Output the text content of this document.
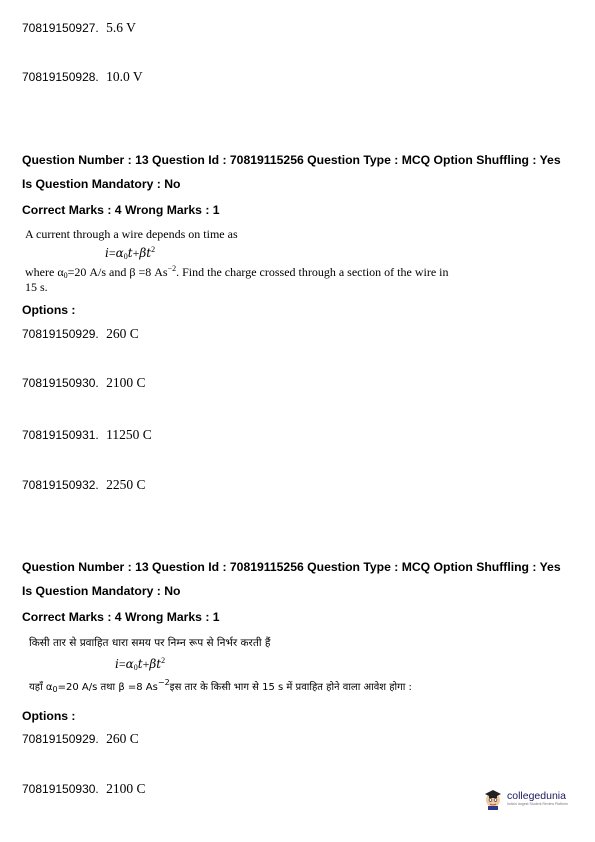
70819150927. 5.6 V
70819150928. 10.0 V
Question Number : 13 Question Id : 70819115256 Question Type : MCQ Option Shuffling : Yes
Is Question Mandatory : No
Correct Marks : 4 Wrong Marks : 1
A current through a wire depends on time as
$i=\alpha_0t+\beta t^2$
where $\alpha_0=20$ A/s and β =8 $As^{-2}$. Find the charge crossed through a section of the wire in
15 s.
Options :
70819150929. 260 C
70819150930. 2100 C
70819150931. 11250 C
70819150932. 2250 C
Question Number : 13 Question Id : 70819115256 Question Type : MCQ Option Shuffling : Yes
Is Question Mandatory : No
Correct Marks : 4 Wrong Marks : 1
किसी तार से प्रवाहित धारा समय पर निम्न रूप से निर्भर करती हैं
$i=\alpha_0t+\beta t^2$
यहाँ $\alpha_0=20$ A/s तथा β =8 $As^{-2}इस$ तार के किसी भाग से 15 s में प्रवाहित होने वाला आवेश होगा :
Options :
70819150929. 260 C
70819150930. 2100 C	collegedunia
India's largest Student Review Platform
